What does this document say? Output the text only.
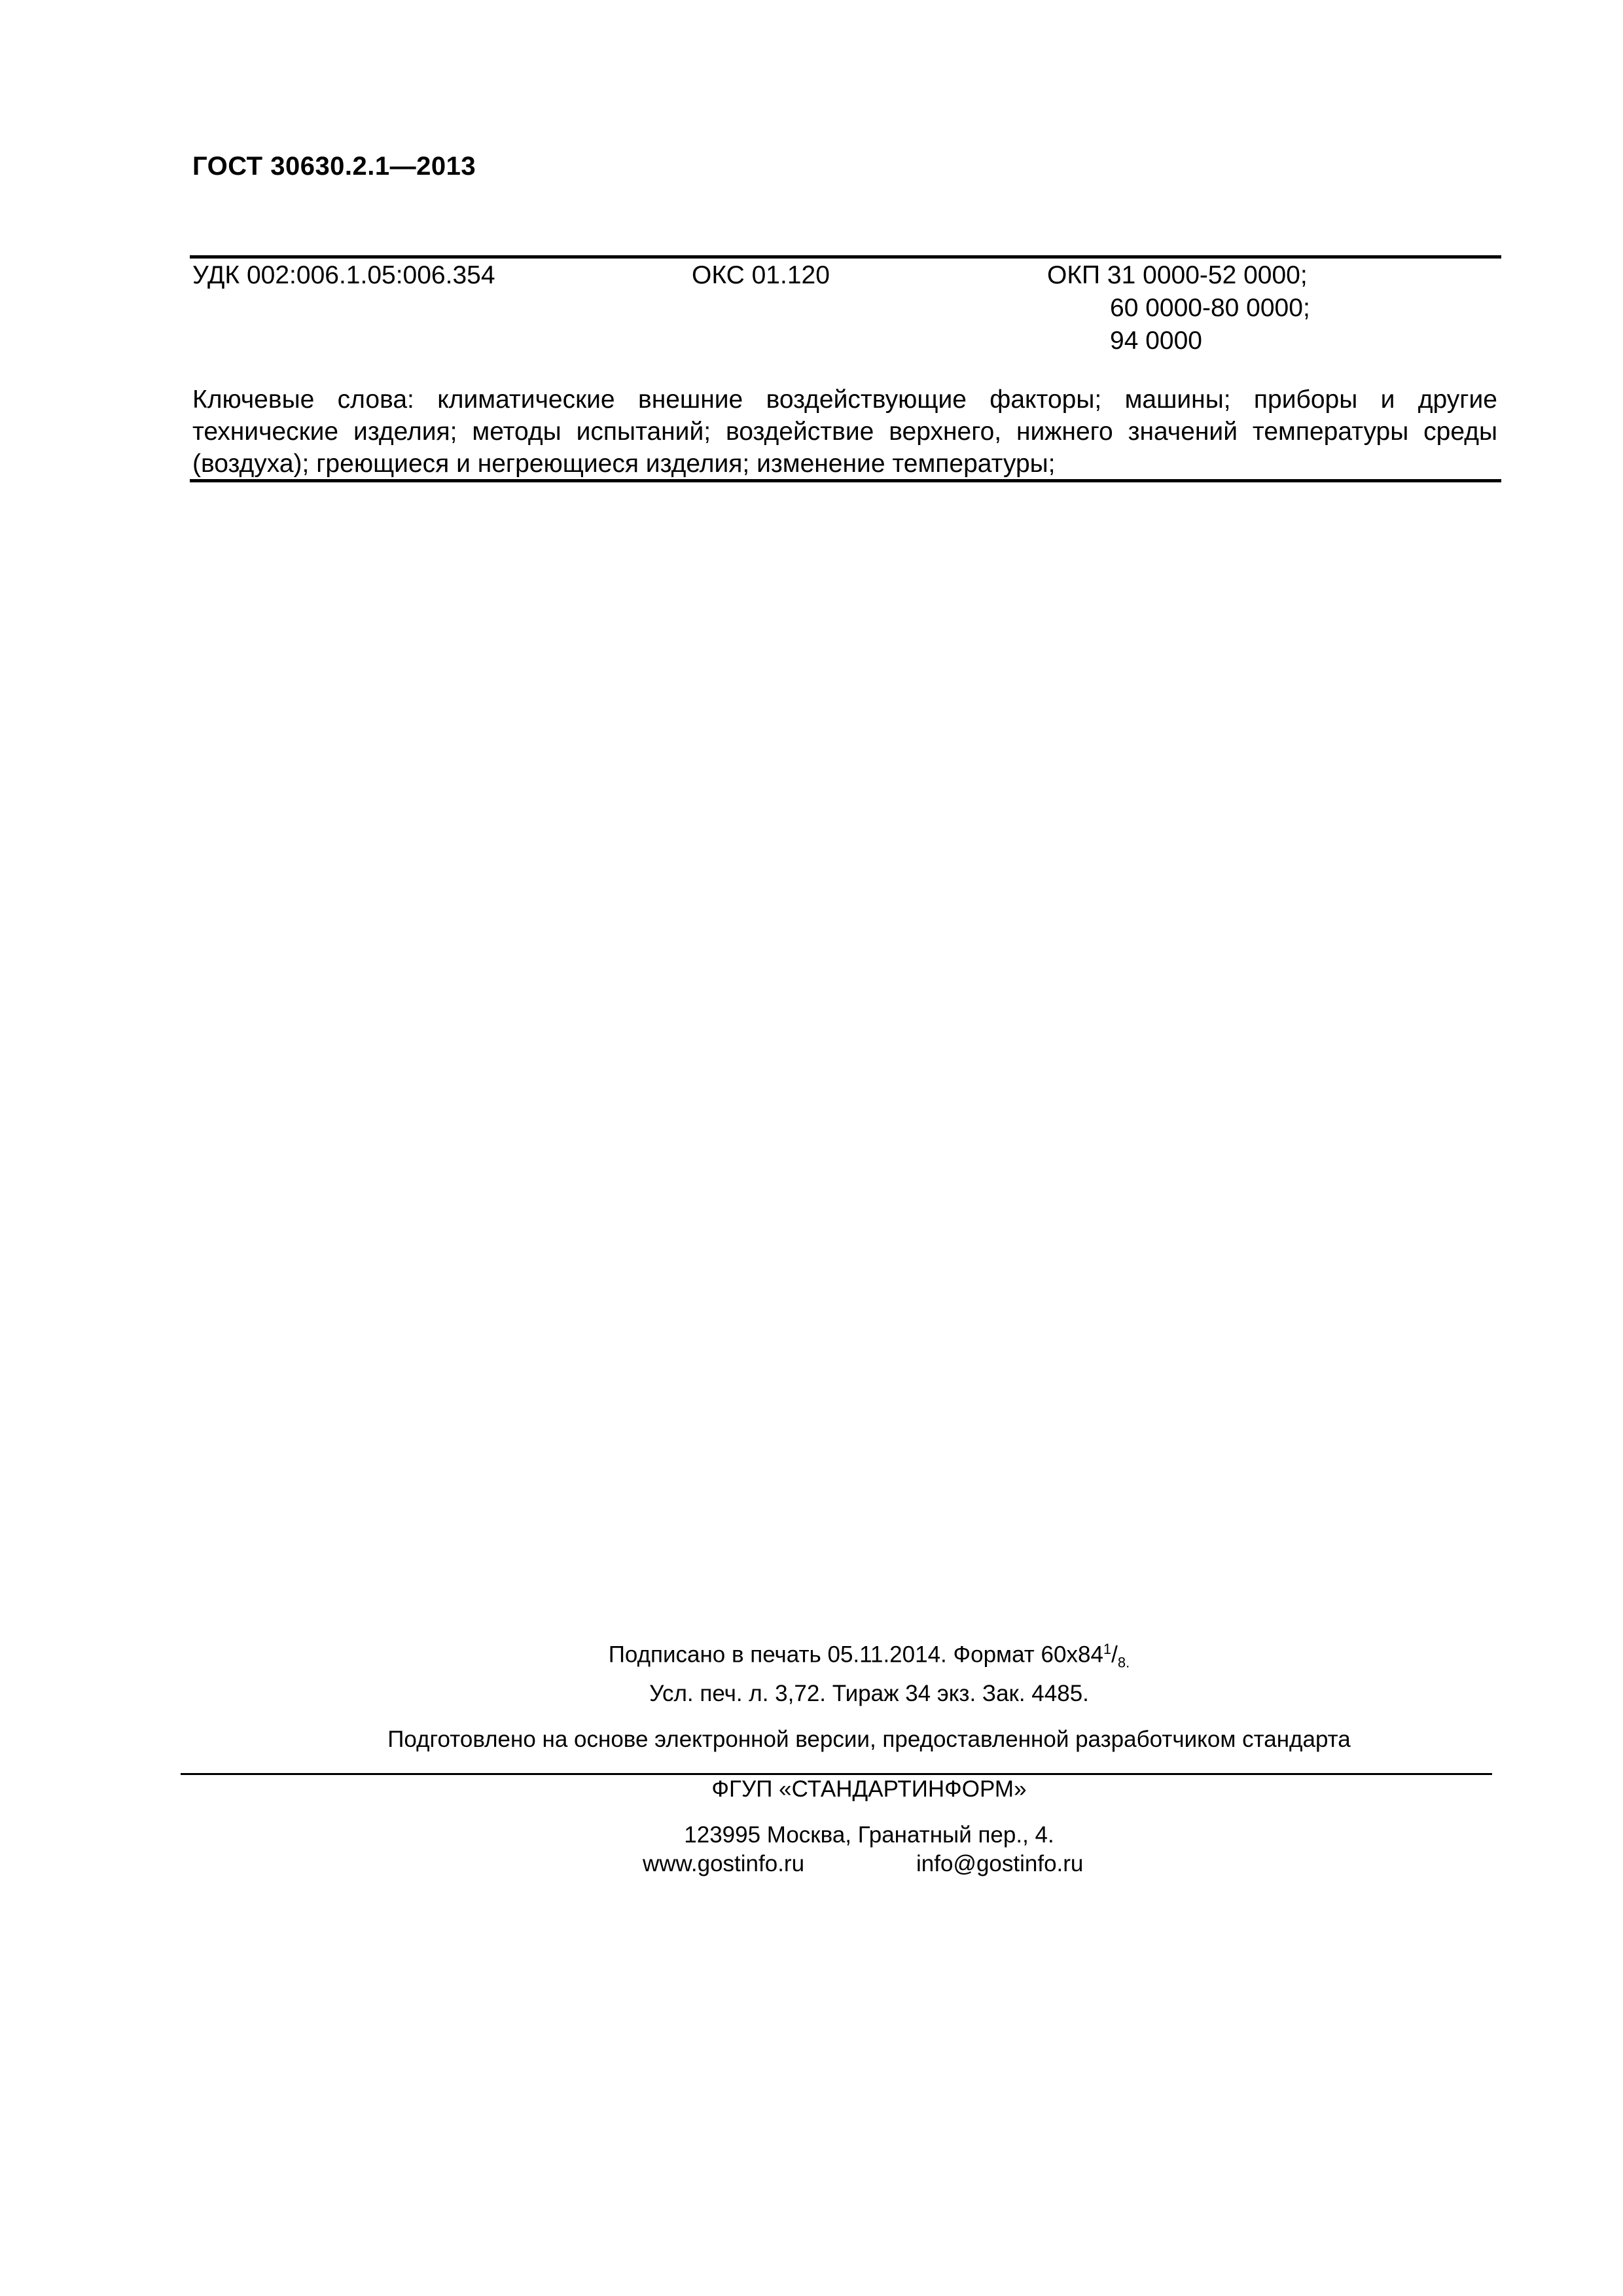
ГОСТ 30630.2.1—2013
УДК 002:006.1.05:006.354	ОКС 01.120	ОКП 31 0000-52 0000;
60 0000-80 0000;
94 0000
Ключевые слова: климатические внешние воздействующие факторы; машины; приборы и другие технические изделия; методы испытаний; воздействие верхнего, нижнего значений температуры среды (воздуха); греющиеся и негреющиеся изделия; изменение температуры;
Подписано в печать 05.11.2014. Формат $60x84^1/_{8.}$
Усл. печ. л. 3,72. Тираж 34 экз. Зак. 4485.
Подготовлено на основе электронной версии, предоставленной разработчиком стандарта
ФГУП «СТАНДАРТИНФОРМ»
123995 Москва, Гранатный пер., 4.
www.gostinfo.ru	info@gostinfo.ru
